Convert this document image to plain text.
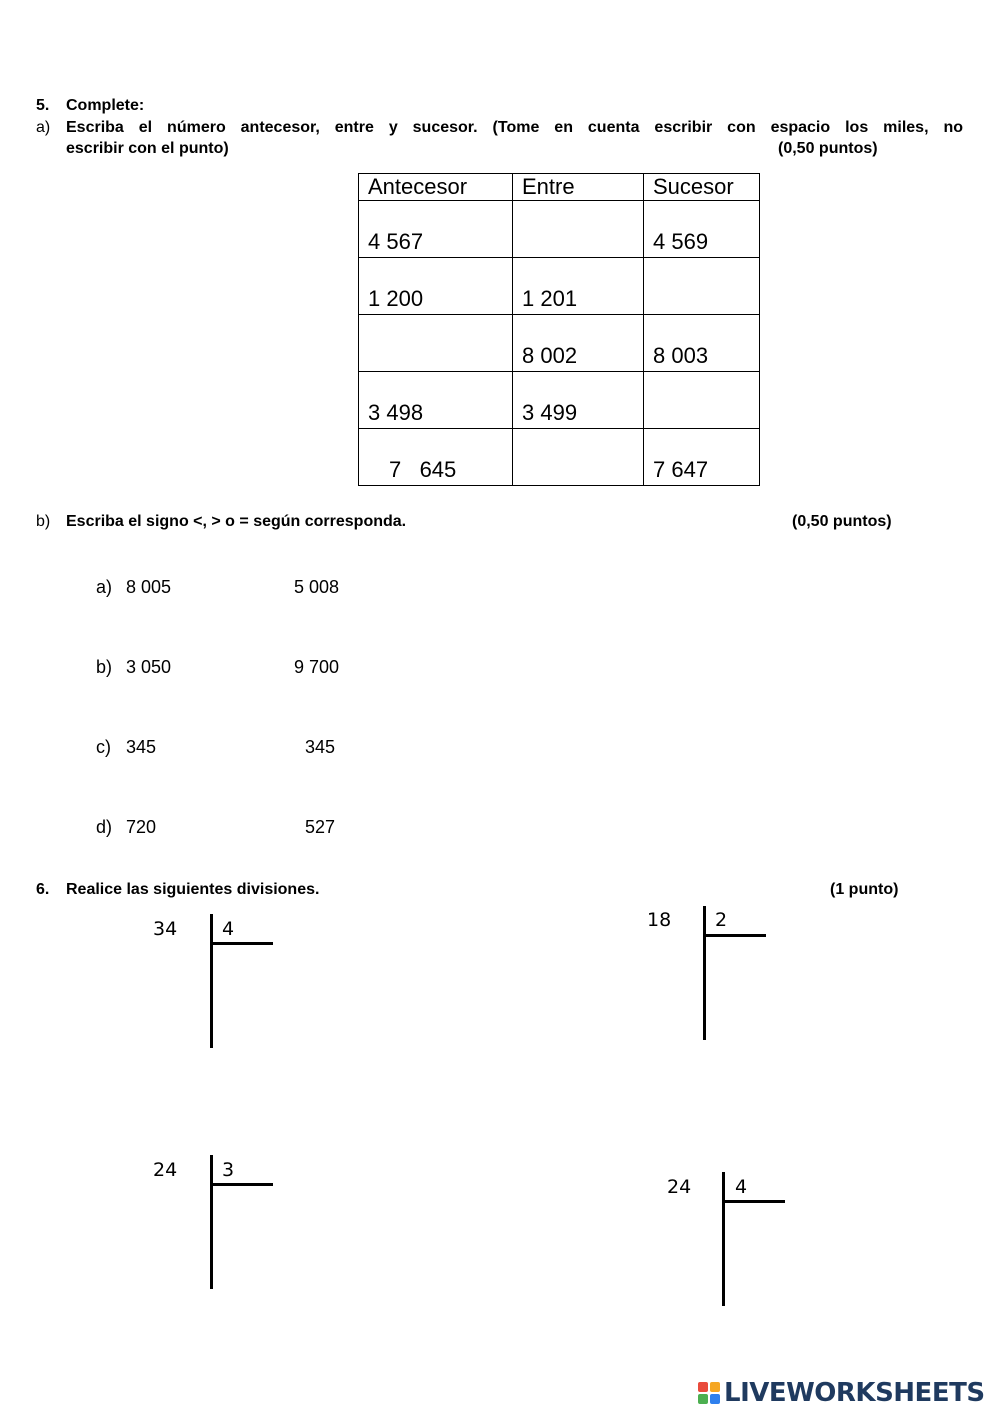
5. Complete:
a) Escriba el número antecesor, entre y sucesor. (Tome en cuenta escribir con espacio los miles, no
escribir con el punto)	(0,50 puntos)
Antecesor	Entre	Sucesor
4 567		4 569
1 200	1 201	
	8 002	8 003
3 498	3 499	
7   645		7 647
b) Escriba el signo <, > o = según corresponda.	(0,50 puntos)
a) 8 005	5 008
b) 3 050	9 700
c) 345	345
d) 720	527
6. Realice las siguientes divisiones.	(1 punto)
34 4	18 2
24 3
24 4
LIVEWORKSHEETS
